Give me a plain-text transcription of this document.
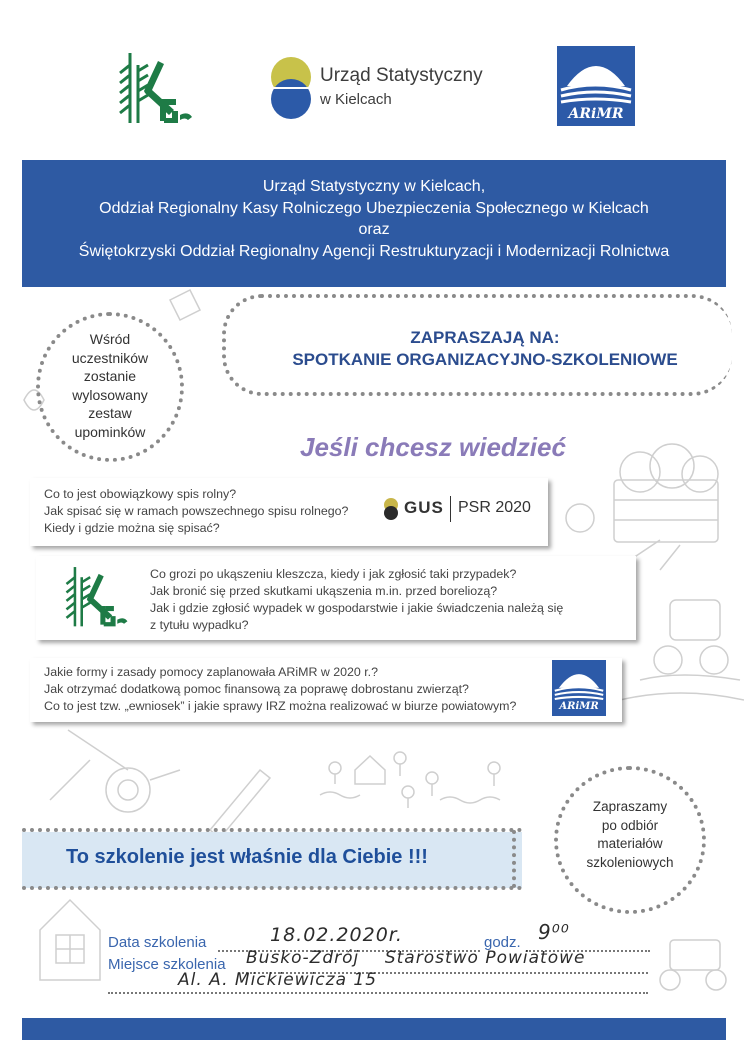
Urząd Statystyczny
w Kielcach
ARiMR
Urząd Statystyczny w Kielcach,
Oddział Regionalny Kasy Rolniczego Ubezpieczenia Społecznego w Kielcach
oraz
Świętokrzyski Oddział Regionalny Agencji Restrukturyzacji i Modernizacji Rolnictwa
ZAPRASZAJĄ NA:
SPOTKANIE ORGANIZACYJNO-SZKOLENIOWE
Wśród
uczestników
zostanie
wylosowany
zestaw
upominków
Jeśli chcesz wiedzieć
Co to jest obowiązkowy spis rolny?
Jak spisać się w ramach powszechnego spisu rolnego?
Kiedy i gdzie można się spisać?
GUS PSR 2020
Co grozi po ukąszeniu kleszcza, kiedy i jak zgłosić taki przypadek?
Jak bronić się przed skutkami ukąszenia m.in. przed boreliozą?
Jak i gdzie zgłosić wypadek w gospodarstwie i jakie świadczenia należą się
z tytułu wypadku?
Jakie formy i zasady pomocy zaplanowała ARiMR w 2020 r.?
Jak otrzymać dodatkową pomoc finansową za poprawę dobrostanu zwierząt?
Co to jest tzw. „ewniosek” i jakie sprawy IRZ można realizować w biurze powiatowym?	ARiMR
Zapraszamy
po odbiór
materiałów
szkoleniowych
To szkolenie jest właśnie dla Ciebie !!!
Data szkolenia	18.02.2020r.	godz. 9⁰⁰
Miejsce szkolenia Busko-Zdrój    Starostwo Powiatowe
Al. A. Mickiewicza 15
